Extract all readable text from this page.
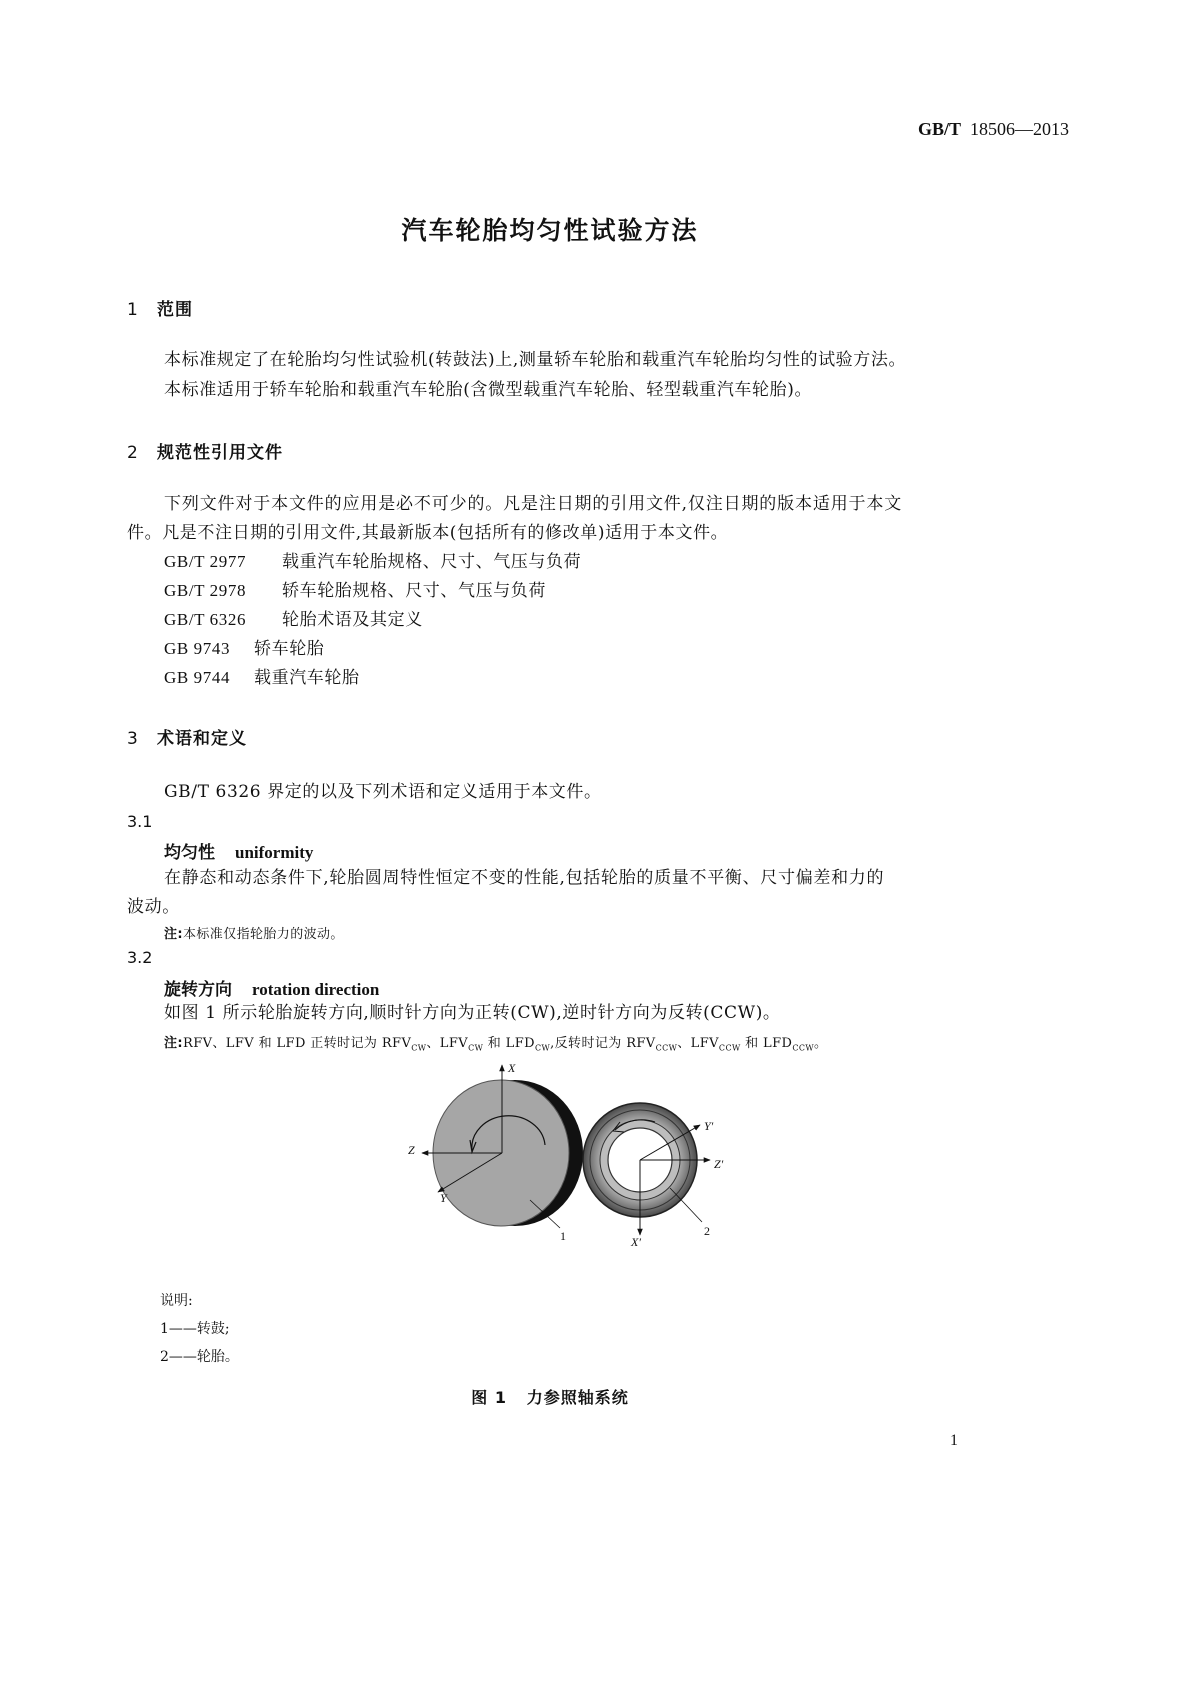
GB/T 18506—2013
汽车轮胎均匀性试验方法
1 范围
本标准规定了在轮胎均匀性试验机(转鼓法)上,测量轿车轮胎和载重汽车轮胎均匀性的试验方法。
本标准适用于轿车轮胎和载重汽车轮胎(含微型载重汽车轮胎、轻型载重汽车轮胎)。
2 规范性引用文件
下列文件对于本文件的应用是必不可少的。凡是注日期的引用文件,仅注日期的版本适用于本文
件。凡是不注日期的引用文件,其最新版本(包括所有的修改单)适用于本文件。
GB/T 2977 载重汽车轮胎规格、尺寸、气压与负荷
GB/T 2978 轿车轮胎规格、尺寸、气压与负荷
GB/T 6326 轮胎术语及其定义
GB 9743 轿车轮胎
GB 9744 载重汽车轮胎
3 术语和定义
GB/T 6326 界定的以及下列术语和定义适用于本文件。
3.1
均匀性 uniformity
在静态和动态条件下,轮胎圆周特性恒定不变的性能,包括轮胎的质量不平衡、尺寸偏差和力的
波动。
注:本标准仅指轮胎力的波动。
3.2
旋转方向 rotation direction
如图 1 所示轮胎旋转方向,顺时针方向为正转(CW),逆时针方向为反转(CCW)。
注:RFV、LFV 和 LFD 正转时记为 $RFV_{CW}$、$LFV_{CW}$ 和 $LFD_{CW}$,反转时记为 $RFV_{CCW}$、$LFV_{CCW}$ 和 $LFD_{CCW}$。
X
Z
Y
X′
Z′
Y′
1	2
说明:
1——转鼓;
2——轮胎。
图 1 力参照轴系统
1
